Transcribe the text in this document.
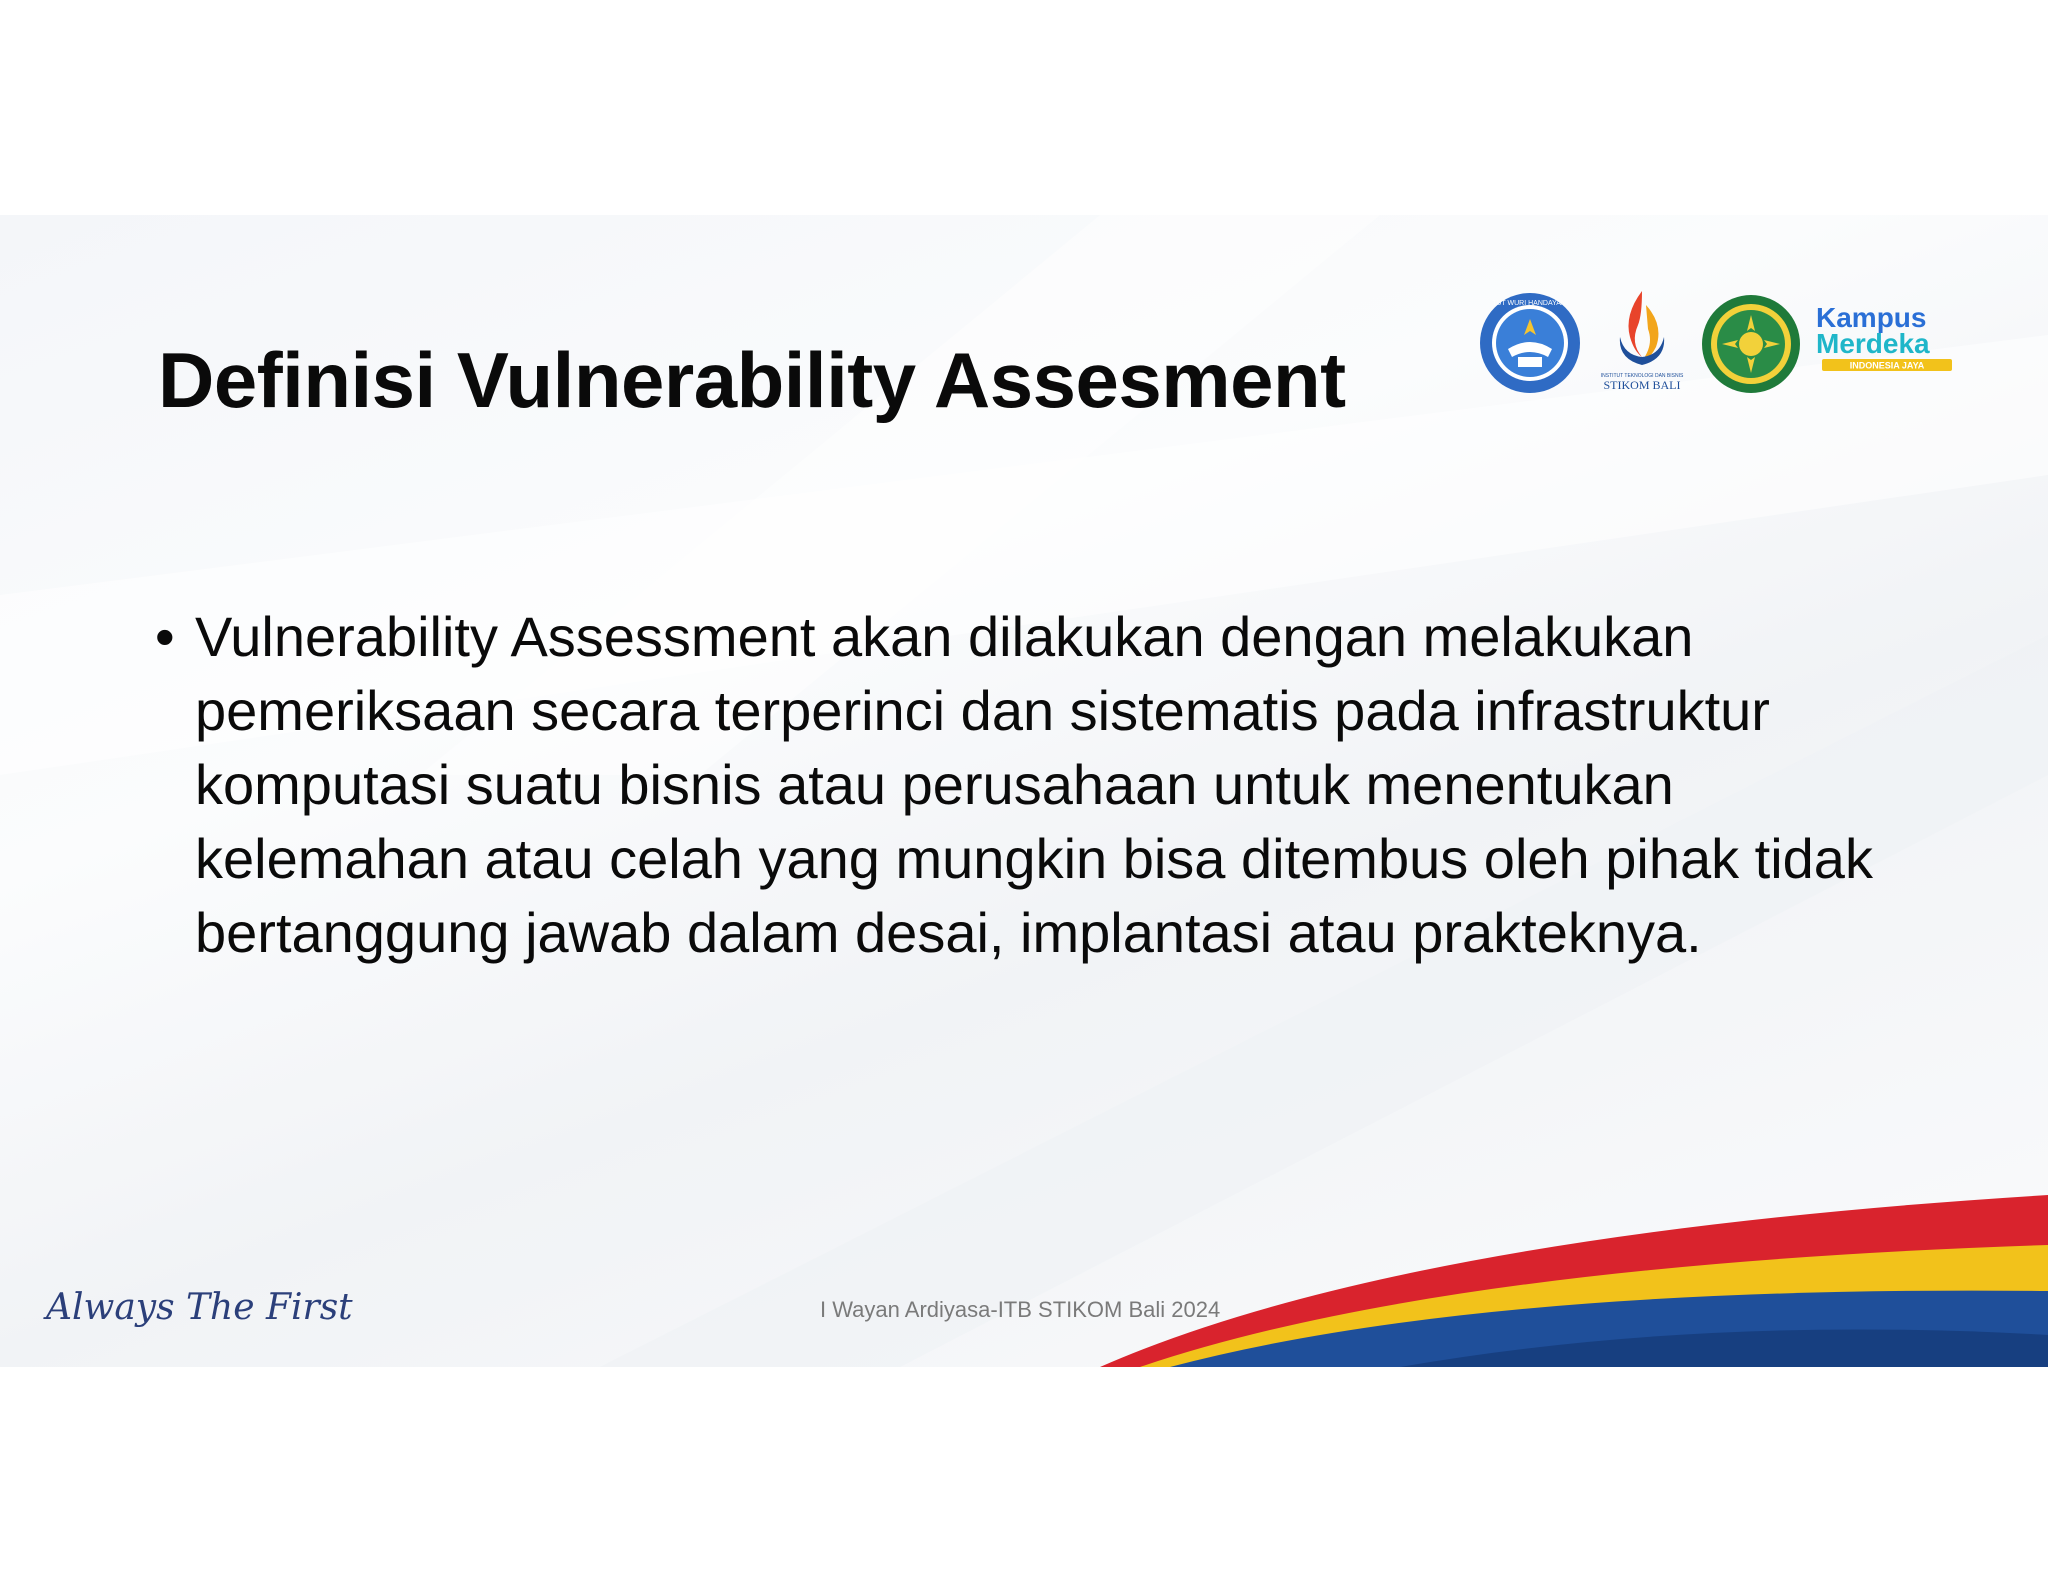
Definisi Vulnerability Assesment
TUT WURI HANDAYANI
INSTITUT TEKNOLOGI DAN BISNIS
STIKOM BALI
Kampus
Merdeka
INDONESIA JAYA
• Vulnerability Assessment akan dilakukan dengan melakukan pemeriksaan secara terperinci dan sistematis pada infrastruktur komputasi suatu bisnis atau perusahaan untuk menentukan kelemahan atau celah yang mungkin bisa ditembus oleh pihak tidak bertanggung jawab dalam desai, implantasi atau prakteknya.
Always The First	I Wayan Ardiyasa-ITB STIKOM Bali 2024
